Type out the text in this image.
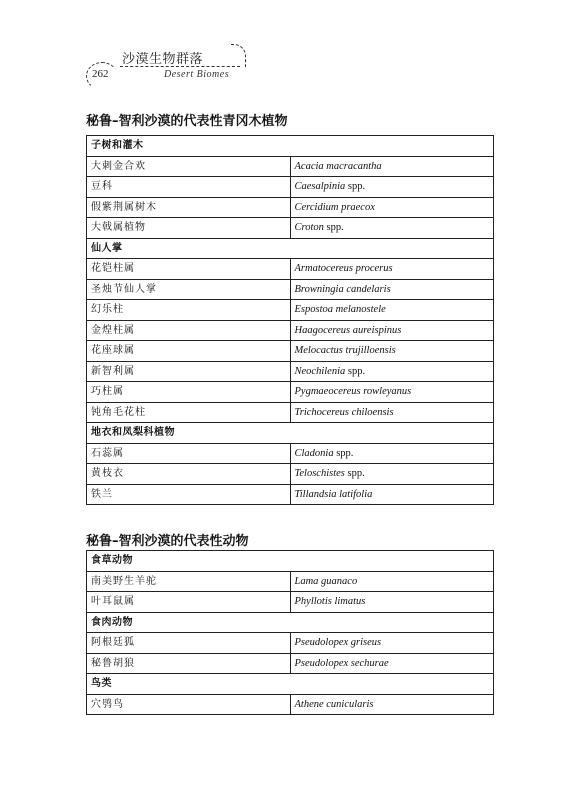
262
沙漠生物群落
Desert Biomes
秘鲁–智利沙漠的代表性青冈木植物
子树和灌木	
大刺金合欢	Acacia macracantha
豆科	Caesalpinia spp.
假紫荆属树木	Cercidium praecox
大戟属植物	Croton spp.
仙人掌	
花铠柱属	Armatocereus procerus
圣烛节仙人掌	Browningia candelaris
幻乐柱	Espostoa melanostele
金煌柱属	Haagocereus aureispinus
花座球属	Melocactus trujilloensis
新智利属	Neochilenia spp.
巧柱属	Pygmaeocereus rowleyanus
钝角毛花柱	Trichocereus chiloensis
地衣和凤梨科植物	
石蕊属	Cladonia spp.
黄枝衣	Teloschistes spp.
铁兰	Tillandsia latifolia
秘鲁–智利沙漠的代表性动物
食草动物	
南美野生羊驼	Lama guanaco
叶耳鼠属	Phyllotis limatus
食肉动物	
阿根廷狐	Pseudolopex griseus
秘鲁胡狼	Pseudolopex sechurae
鸟类	
穴鸮鸟	Athene cunicularis
